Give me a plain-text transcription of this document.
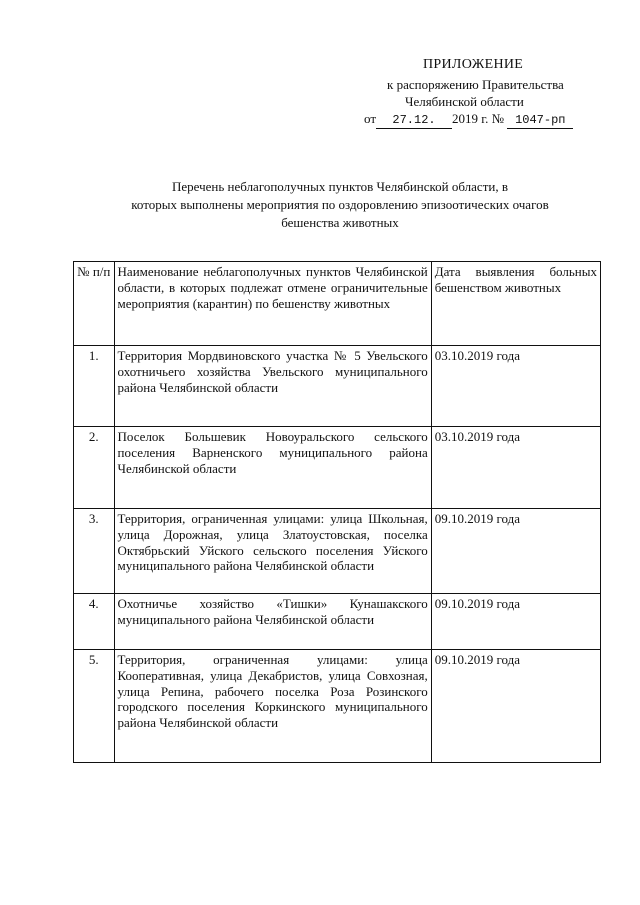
ПРИЛОЖЕНИЕ
к распоряжению Правительства
Челябинской области
от 27.12. 2019 г. № 1047-рп
Перечень неблагополучных пунктов Челябинской области, в
которых выполнены мероприятия по оздоровлению эпизоотических очагов
бешенства животных
№ п/п	Наименование неблагополучных пунктов Челябинской области, в которых подлежат отмене ограничительные мероприятия (карантин) по бешенству животных	Дата выявления больных бешенством животных
1.	Территория Мордвиновского участка № 5 Увельского охотничьего хозяйства Увельского муниципального района Челябинской области	03.10.2019 года
2.	Поселок Большевик Новоуральского сельского поселения Варненского муниципального района Челябинской области	03.10.2019 года
3.	Территория, ограниченная улицами: улица Школьная, улица Дорожная, улица Златоустовская, поселка Октябрьский Уйского сельского поселения Уйского муниципального района Челябинской области	09.10.2019 года
4.	Охотничье хозяйство «Тишки» Кунашакского муниципального района Челябинской области	09.10.2019 года
5.	Территория, ограниченная улицами: улица Кооперативная, улица Декабристов, улица Совхозная, улица Репина, рабочего поселка Роза Розинского городского поселения Коркинского муниципального района Челябинской области	09.10.2019 года
